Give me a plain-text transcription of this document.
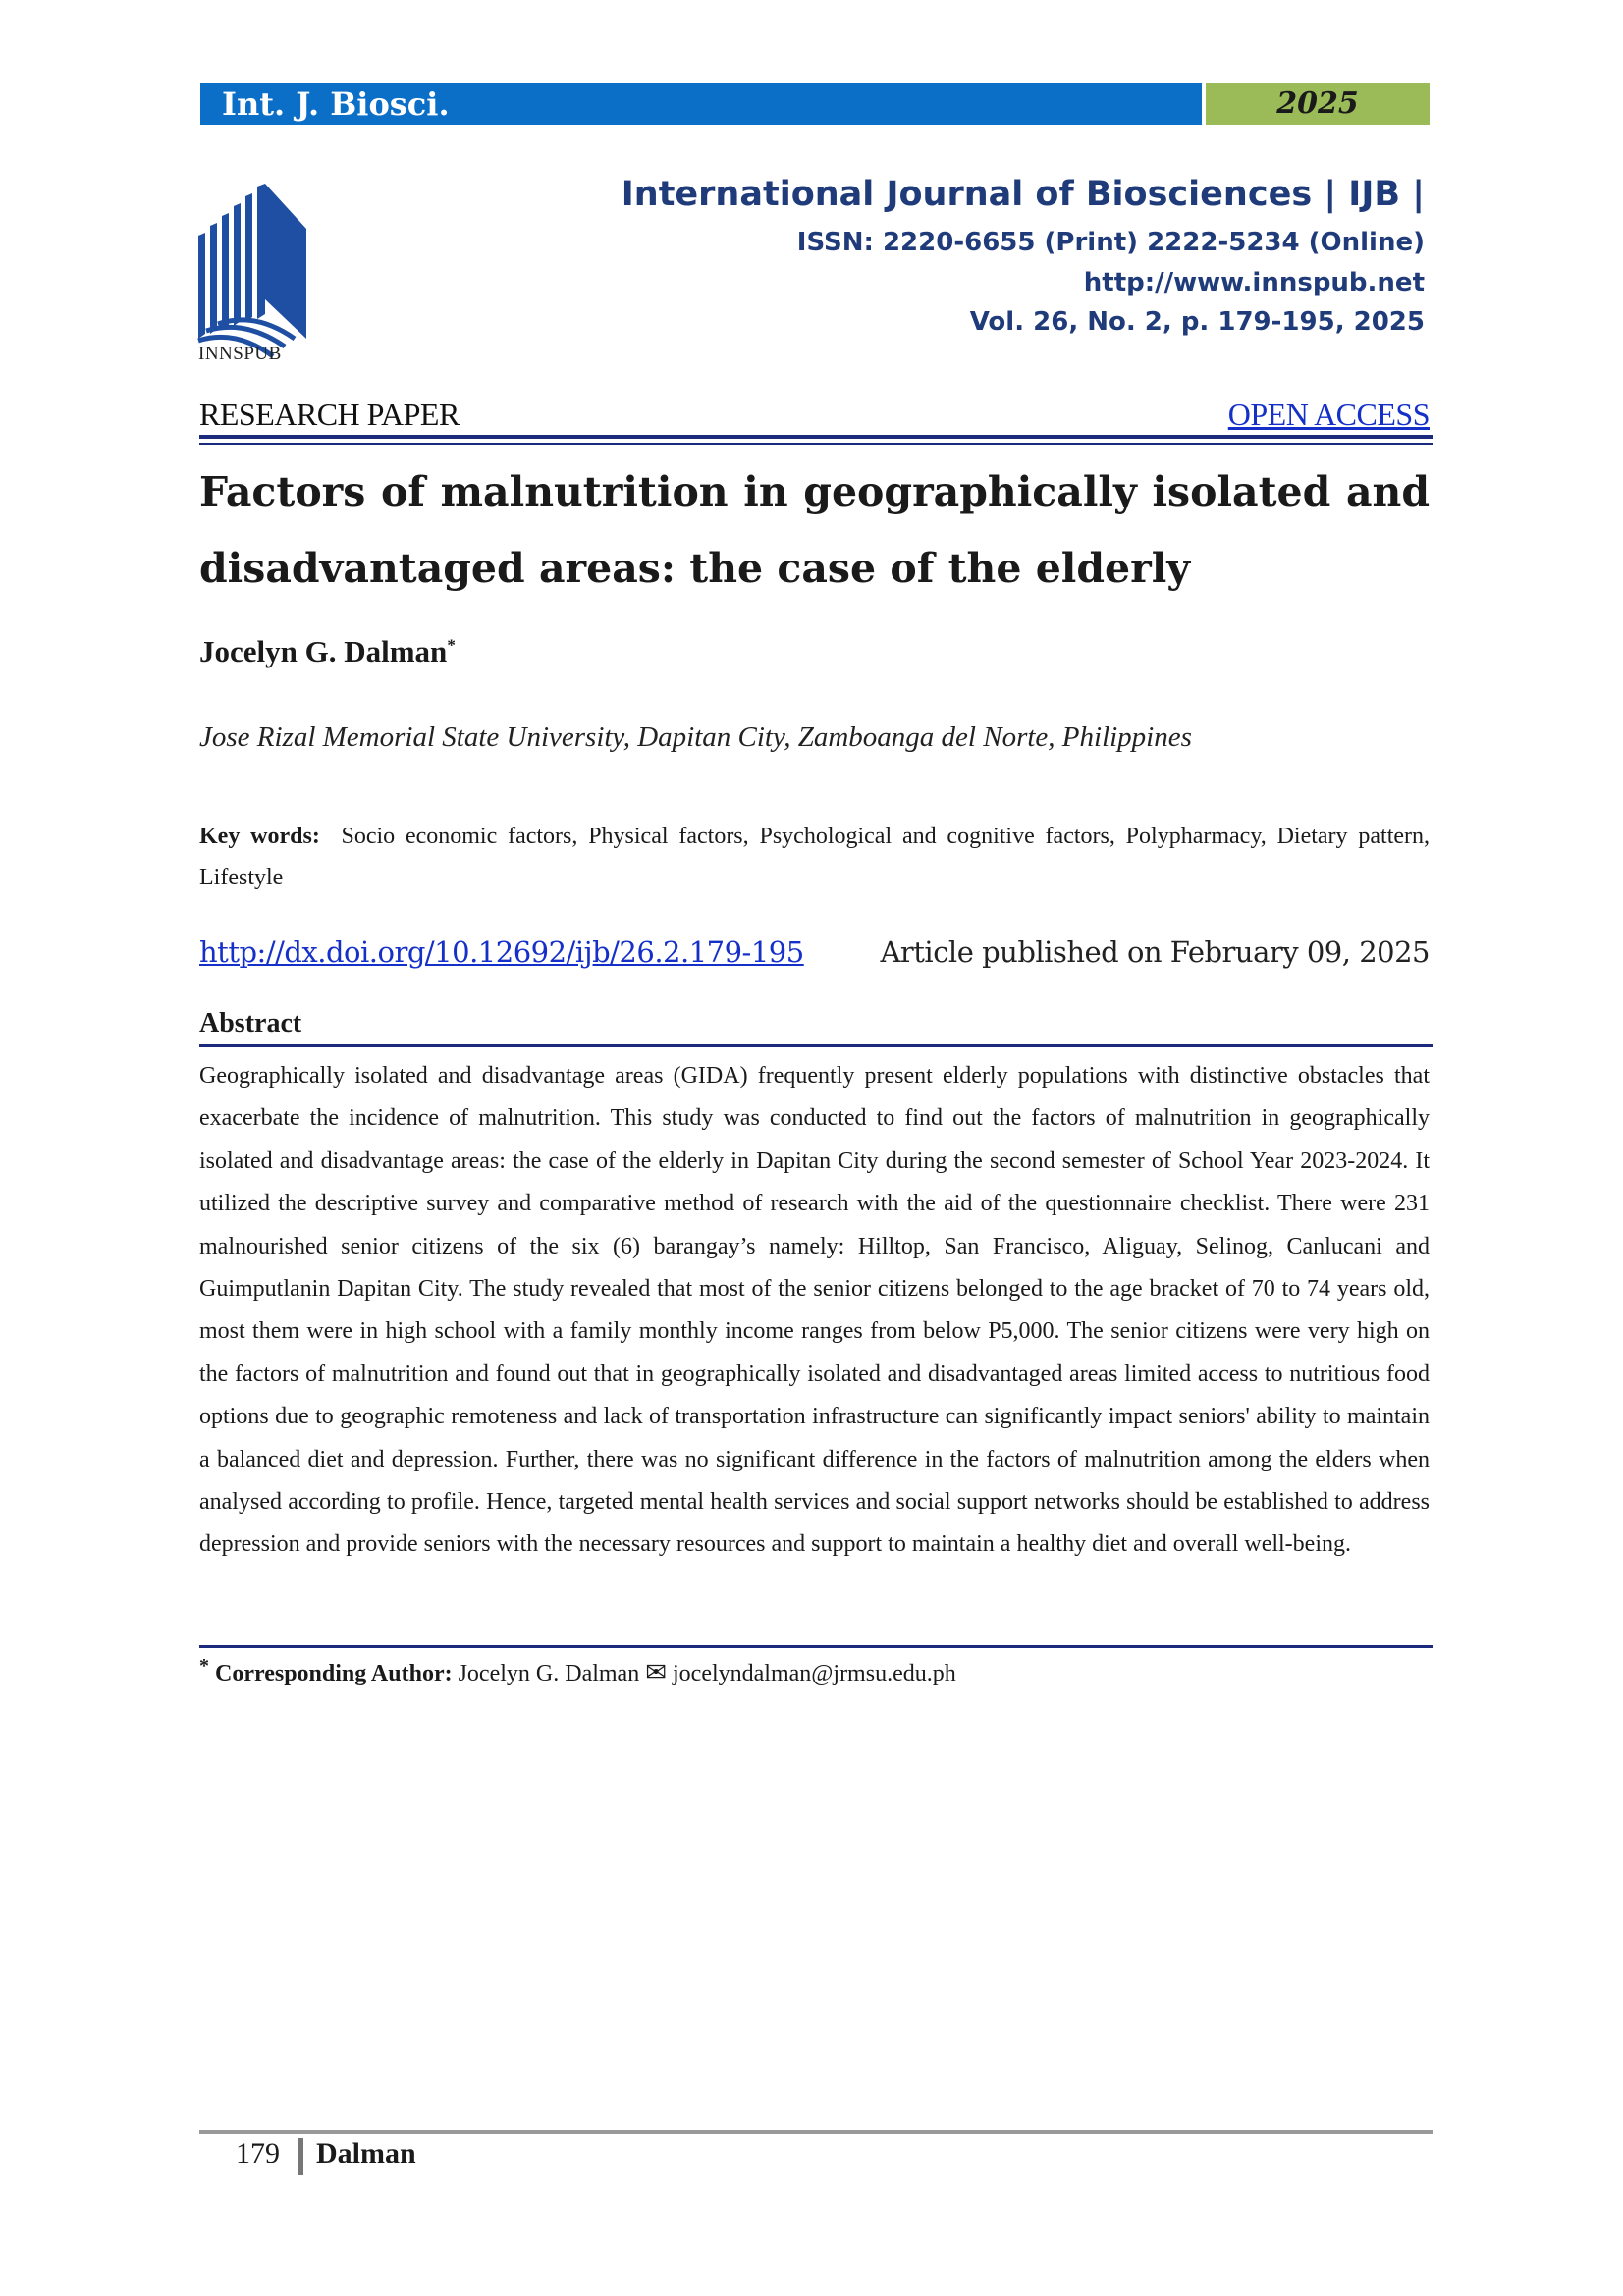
Int. J. Biosci.	2025
INNSPUB
International Journal of Biosciences | IJB |
ISSN: 2220-6655 (Print) 2222-5234 (Online)
http://www.innspub.net
Vol. 26, No. 2, p. 179-195, 2025
RESEARCH PAPER	OPEN ACCESS
Factors of malnutrition in geographically isolated and
disadvantaged areas: the case of the elderly
Jocelyn G. Dalman*
Jose Rizal Memorial State University, Dapitan City, Zamboanga del Norte, Philippines
Key words: Socio economic factors, Physical factors, Psychological and cognitive factors, Polypharmacy, Dietary pattern, Lifestyle
http://dx.doi.org/10.12692/ijb/26.2.179-195	Article published on February 09, 2025
Abstract
Geographically isolated and disadvantage areas (GIDA) frequently present elderly populations with distinctive obstacles that exacerbate the incidence of malnutrition. This study was conducted to find out the factors of malnutrition in geographically isolated and disadvantage areas: the case of the elderly in Dapitan City during the second semester of School Year 2023-2024. It utilized the descriptive survey and comparative method of research with the aid of the questionnaire checklist. There were 231 malnourished senior citizens of the six (6) barangay’s namely: Hilltop, San Francisco, Aliguay, Selinog, Canlucani and Guimputlanin Dapitan City. The study revealed that most of the senior citizens belonged to the age bracket of 70 to 74 years old, most them were in high school with a family monthly income ranges from below P5,000. The senior citizens were very high on the factors of malnutrition and found out that in geographically isolated and disadvantaged areas limited access to nutritious food options due to geographic remoteness and lack of transportation infrastructure can significantly impact seniors' ability to maintain a balanced diet and depression. Further, there was no significant difference in the factors of malnutrition among the elders when analysed according to profile. Hence, targeted mental health services and social support networks should be established to address depression and provide seniors with the necessary resources and support to maintain a healthy diet and overall well-being.
* Corresponding Author: Jocelyn G. Dalman ✉ jocelyndalman@jrmsu.edu.ph
179 Dalman
